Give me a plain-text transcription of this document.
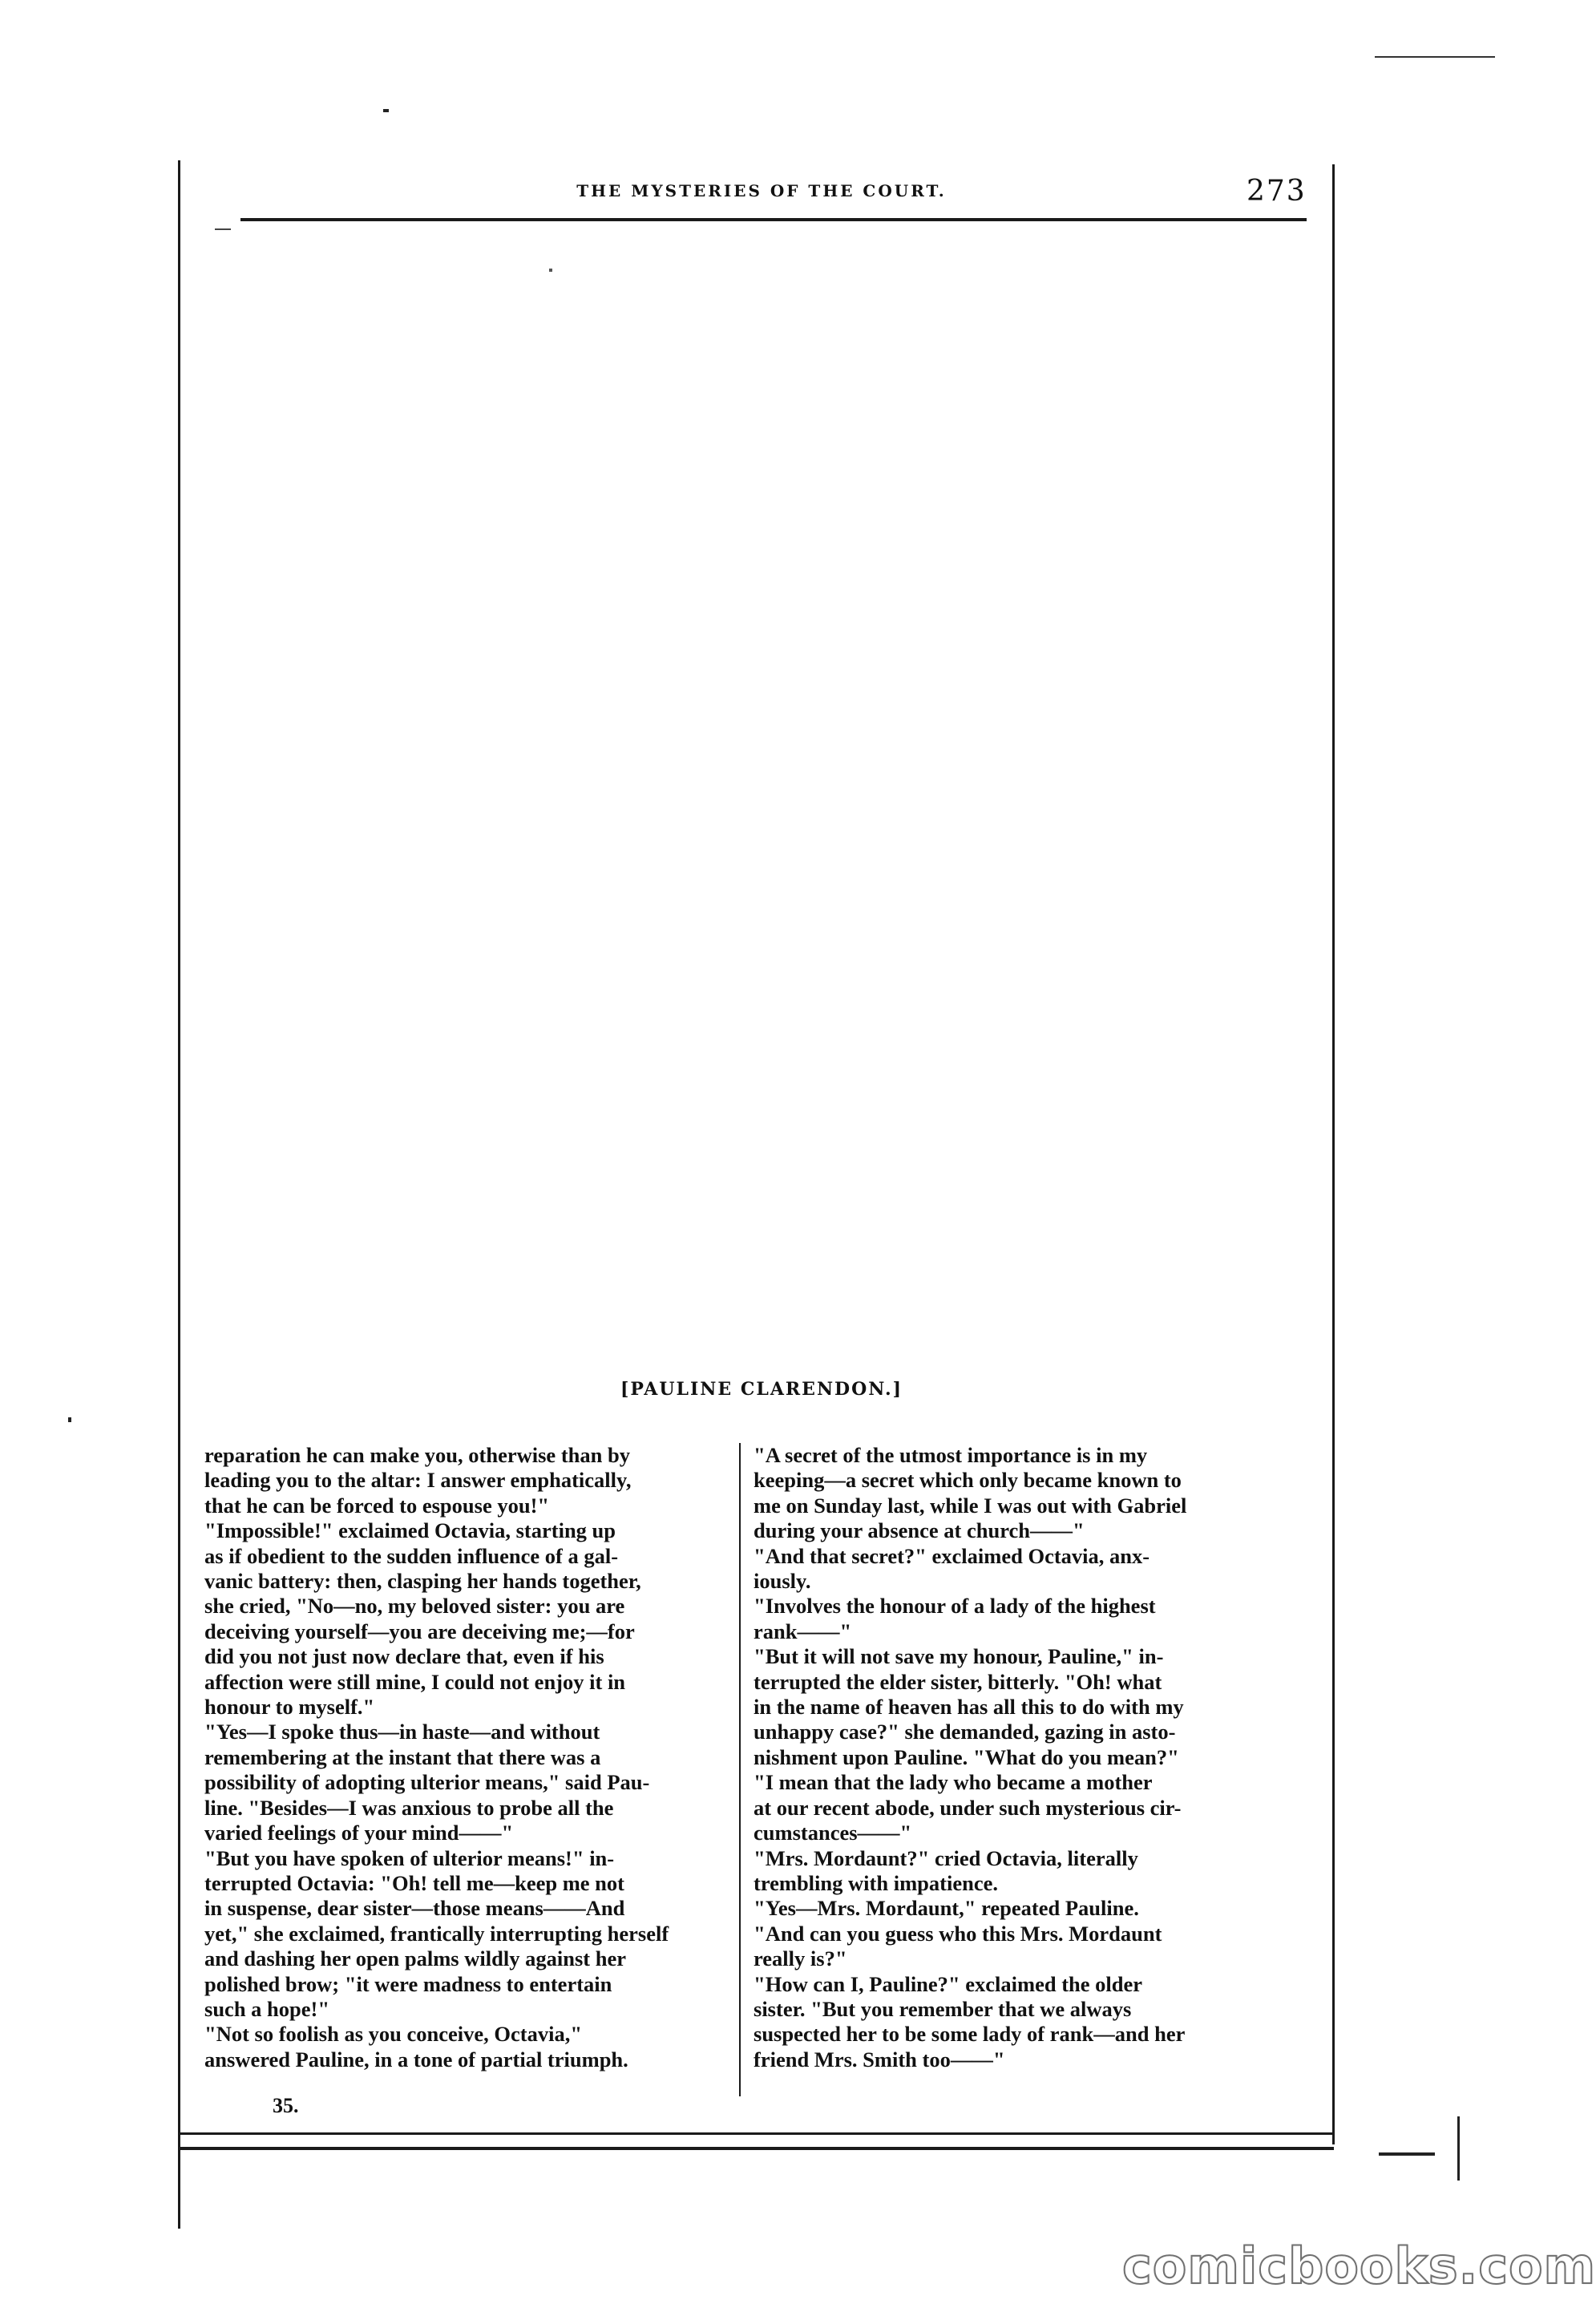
THE MYSTERIES OF THE COURT.	273
[PAULINE CLARENDON.]
reparation he can make you, otherwise than by
leading you to the altar: I answer emphatically,
that he can be forced to espouse you!"
"Impossible!" exclaimed Octavia, starting up
as if obedient to the sudden influence of a gal-
vanic battery: then, clasping her hands together,
she cried, "No—no, my beloved sister: you are
deceiving yourself—you are deceiving me;—for
did you not just now declare that, even if his
affection were still mine, I could not enjoy it in
honour to myself."
"Yes—I spoke thus—in haste—and without
remembering at the instant that there was a
possibility of adopting ulterior means," said Pau-
line. "Besides—I was anxious to probe all the
varied feelings of your mind——"
"But you have spoken of ulterior means!" in-
terrupted Octavia: "Oh! tell me—keep me not
in suspense, dear sister—those means——And
yet," she exclaimed, frantically interrupting herself
and dashing her open palms wildly against her
polished brow; "it were madness to entertain
such a hope!"
"Not so foolish as you conceive, Octavia,"
answered Pauline, in a tone of partial triumph.
"A secret of the utmost importance is in my
keeping—a secret which only became known to
me on Sunday last, while I was out with Gabriel
during your absence at church——"
"And that secret?" exclaimed Octavia, anx-
iously.
"Involves the honour of a lady of the highest
rank——"
"But it will not save my honour, Pauline," in-
terrupted the elder sister, bitterly. "Oh! what
in the name of heaven has all this to do with my
unhappy case?" she demanded, gazing in asto-
nishment upon Pauline. "What do you mean?"
"I mean that the lady who became a mother
at our recent abode, under such mysterious cir-
cumstances——"
"Mrs. Mordaunt?" cried Octavia, literally
trembling with impatience.
"Yes—Mrs. Mordaunt," repeated Pauline.
"And can you guess who this Mrs. Mordaunt
really is?"
"How can I, Pauline?" exclaimed the older
sister. "But you remember that we always
suspected her to be some lady of rank—and her
friend Mrs. Smith too——"
35.
comicbooks.com
